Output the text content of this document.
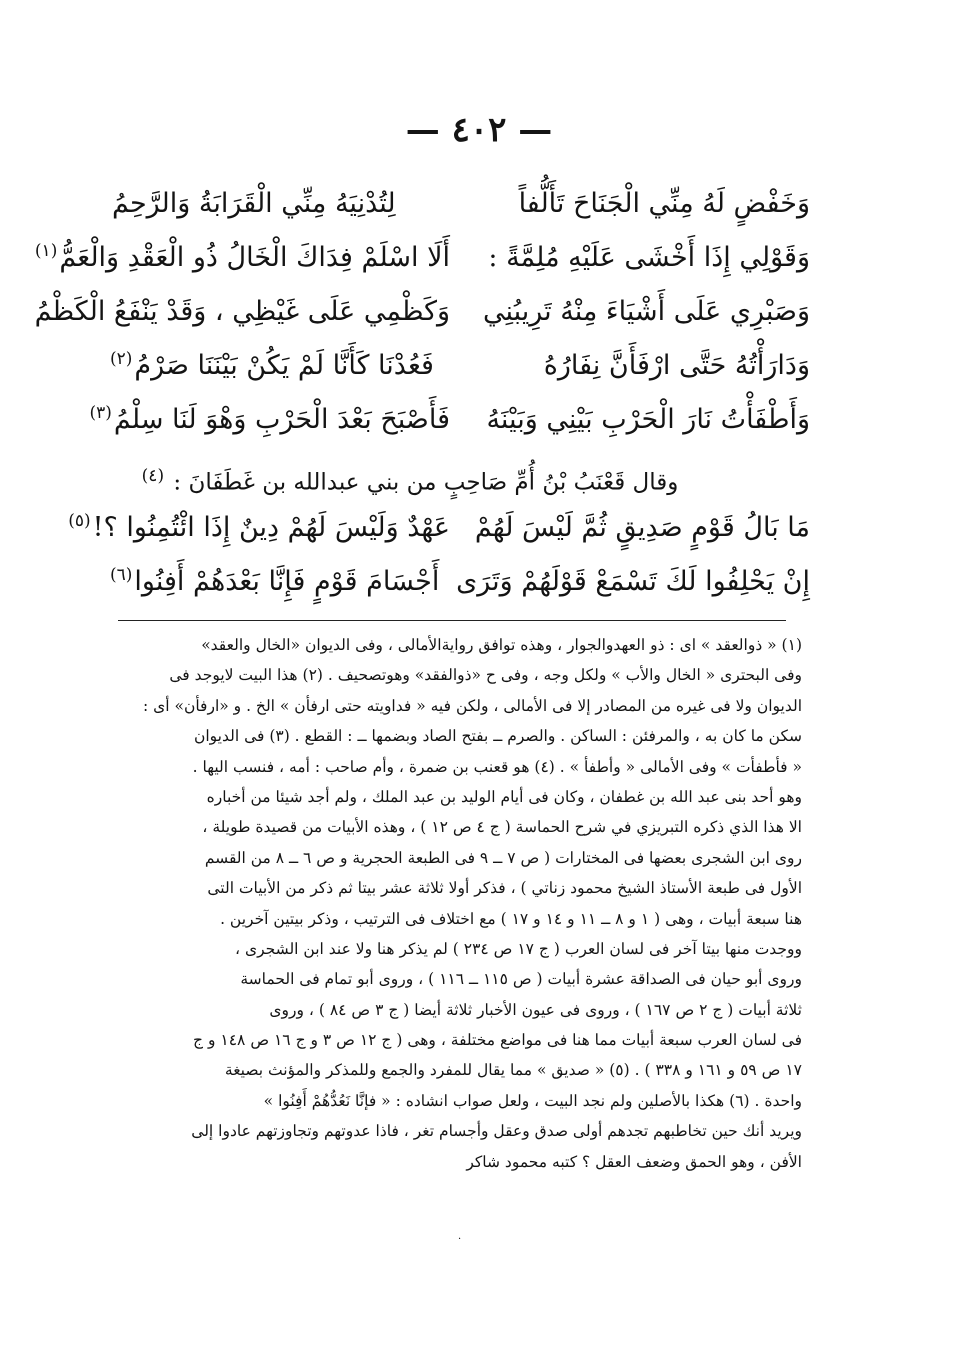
— ٤٠٢ —
وَخَفْضٍ لَهُ مِنِّي الْجَنَاحَ تَأَلُّفاً
لِتُدْنِيَهُ مِنِّي الْقَرَابَةُ وَالرَّحِمُ
وَقَوْلِي إِذَا أَخْشَى عَلَيْهِ مُلِمَّةً :
أَلَا اسْلَمْ فِدَاكَ الْخَالُ ذُو الْعَقْدِ وَالْعَمُّ$^{(١)}$
وَصَبْرِي عَلَى أَشْيَاءَ مِنْهُ تَرِيبُنِي
وَكَظْمِي عَلَى غَيْظِي ، وَقَدْ يَنْفَعُ الْكَظْمُ
وَدَارَأْتُهُ حَتَّى ارْفَأَنَّ نِفَارُهُ
فَعُدْنَا كَأَنَّا لَمْ يَكُنْ بَيْنَنَا صَرْمُ$^{(٢)}$
وَأَطْفَأْتُ نَارَ الْحَرْبِ بَيْنِي وَبَيْنَهُ
فَأَصْبَحَ بَعْدَ الْحَرْبِ وَهْوَ لَنَا سِلْمُ$^{(٣)}$
وقال قَعْنَبُ بْنُ أُمِّ صَاحِبٍ من بني عبدالله بن غَطَفَانَ : $^{(٤)}$
مَا بَالُ قَوْمٍ صَدِيقٍ ثُمَّ لَيْسَ لَهُمْ
عَهْدٌ وَلَيْسَ لَهُمْ دِينٌ إِذَا ائْتُمِنُوا ؟!$^{(٥)}$
إِنْ يَحْلِفُوا لَكَ تَسْمَعْ قَوْلَهُمْ وَتَرَى
أَجْسَامَ قَوْمٍ فَإِنَّا بَعْدَهُمْ أَفِنُوا$^{(٦)}$
(١) « ذوالعقد » اى : ذو العهدوالجوار ، وهذه توافق روايةالأمالى ، وفى الديوان «الخال والعقد»
وفى البحترى « الخال والأب » ولكل وجه ، وفى ح «ذوالفقد» وهوتصحيف . (٢) هذا البيت لايوجد فى
الديوان ولا فى غيره من المصادر إلا فى الأمالى ، ولكن فيه « فداويته حتى ارفأن » الخ . و «ارفأن» أى :
سكن ما كان به ، والمرفئن : الساكن . والصرم ــ بفتح الصاد وبضمها ــ : القطع . (٣) فى الديوان
« فأطفأت » وفى الأمالى « وأطفأ » . (٤) هو قعنب بن ضمرة ، وأم صاحب : أمه ، فنسب اليها .
وهو أحد بنى عبد الله بن غطفان ، وكان فى أيام الوليد بن عبد الملك ، ولم أجد شيئا من أخباره
الا هذا الذي ذكره التبريزي في شرح الحماسة ( ج ٤ ص ١٢ ) ، وهذه الأبيات من قصيدة طويلة ،
روى ابن الشجرى بعضها فى المختارات ( ص ٧ ــ ٩ فى الطبعة الحجرية و ص ٦ ــ ٨ من القسم
الأول فى طبعة الأستاذ الشيخ محمود زناتي ) ، فذكر أولا ثلاثة عشر بيتا ثم ذكر من الأبيات التى
هنا سبعة أبيات ، وهى ( ١ و ٨ ــ ١١ و ١٤ و ١٧ ) مع اختلاف فى الترتيب ، وذكر بيتين آخرين .
ووجدت منها بيتا آخر فى لسان العرب ( ج ١٧ ص ٢٣٤ ) لم يذكر هنا ولا عند ابن الشجرى ،
وروى أبو حيان فى الصداقة عشرة أبيات ( ص ١١٥ ــ ١١٦ ) ، وروى أبو تمام فى الحماسة
ثلاثة أبيات ( ج ٢ ص ١٦٧ ) ، وروى فى عيون الأخبار ثلاثة أيضا ( ج ٣ ص ٨٤ ) ، وروى
فى لسان العرب سبعة أبيات مما هنا فى مواضع مختلفة ، وهى ( ج ١٢ ص ٣ و ج ١٦ ص ١٤٨ و ج
١٧ ص ٥٩ و ١٦١ و ٣٣٨ ) . (٥) « صديق » مما يقال للمفرد والجمع وللمذكر والمؤنث بصيغة
واحدة . (٦) هكذا بالأصلين ولم نجد البيت ، ولعل صواب انشاده : « فإنَّا نَعُدُّهُمْ أَفِنُوا »
ويريد أنك حين تخاطبهم تجدهم أولى صدق وعقل وأجسام تغر ، فاذا عدوتهم وتجاوزتهم عادوا إلى
الأفن ، وهو الحمق وضعف العقل ؟ كتبه محمود شاكر
·
